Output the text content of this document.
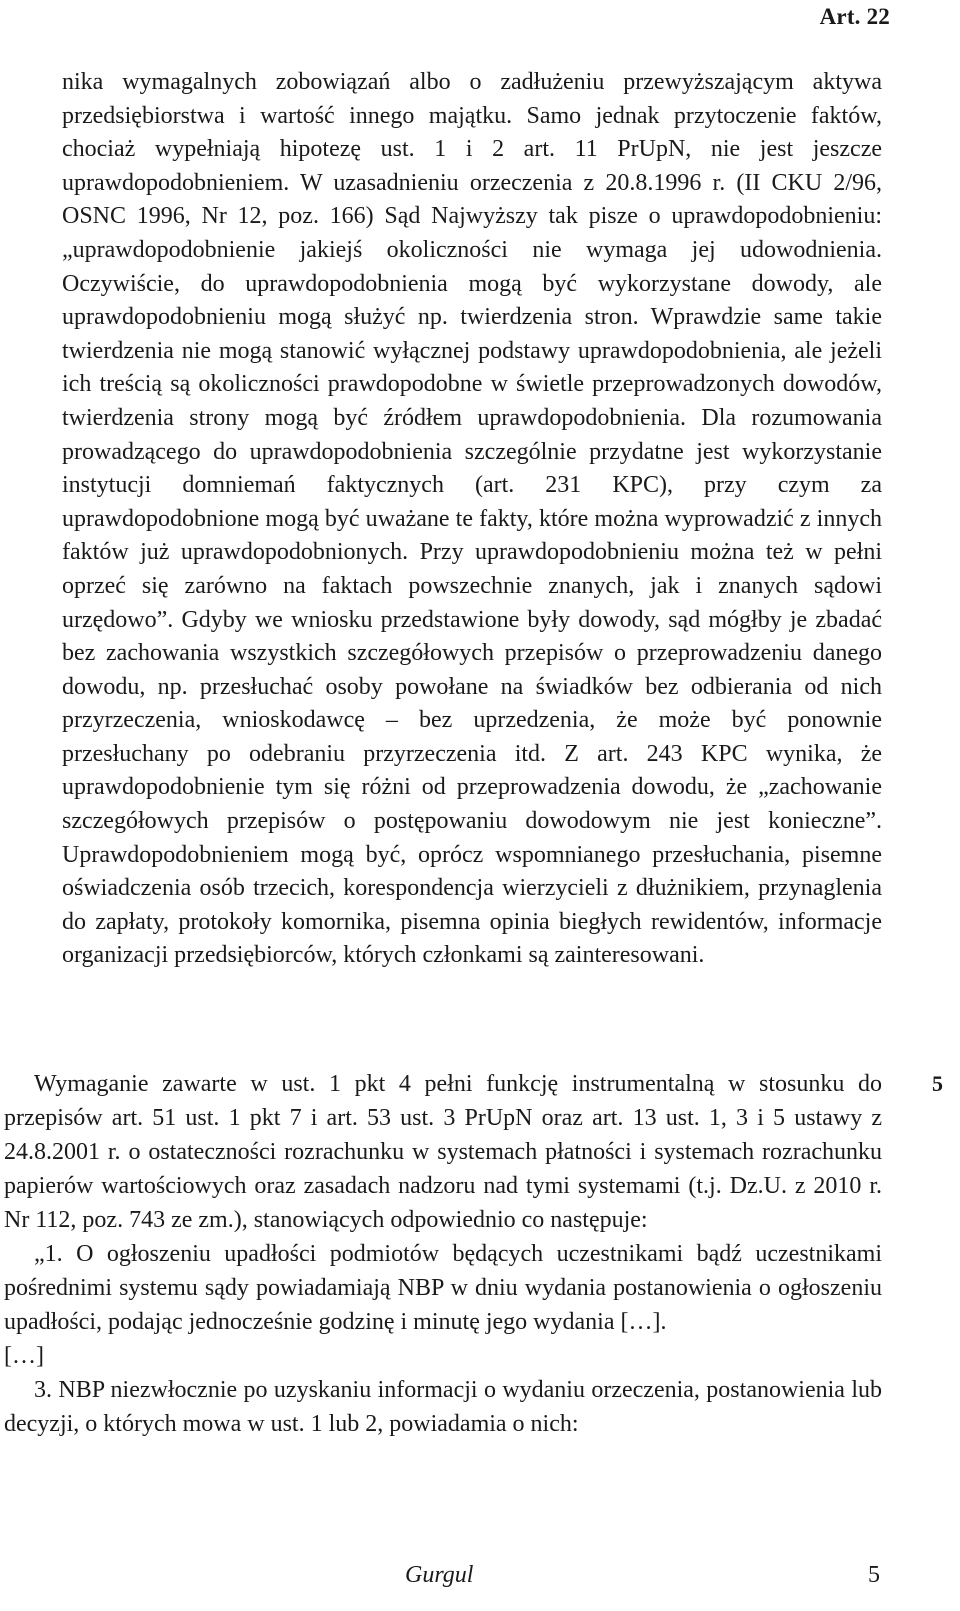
Art. 22

nika wymagalnych zobowiązań albo o zadłużeniu przewyższającym aktywa przedsiębiorstwa i wartość innego majątku. Samo jednak przytoczenie faktów, chociaż wypełniają hipotezę ust. 1 i 2 art. 11 PrUpN, nie jest jeszcze uprawdopodobnieniem. W uzasadnieniu orzeczenia z 20.8.1996 r. (II CKU 2/96, OSNC 1996, Nr 12, poz. 166) Sąd Najwyższy tak pisze o uprawdopodobnieniu: „uprawdopodobnienie jakiejś okoliczności nie wymaga jej udowodnienia. Oczywiście, do uprawdopodobnienia mogą być wykorzystane dowody, ale uprawdopodobnieniu mogą służyć np. twierdzenia stron. Wprawdzie same takie twierdzenia nie mogą stanowić wyłącznej podstawy uprawdopodobnienia, ale jeżeli ich treścią są okoliczności prawdopodobne w świetle przeprowadzonych dowodów, twierdzenia strony mogą być źródłem uprawdopodobnienia. Dla rozumowania prowadzącego do uprawdopodobnienia szczególnie przydatne jest wykorzystanie instytucji domniemań faktycznych (art. 231 KPC), przy czym za uprawdopodobnione mogą być uważane te fakty, które można wyprowadzić z innych faktów już uprawdopodobnionych. Przy uprawdopodobnieniu można też w pełni oprzeć się zarówno na faktach powszechnie znanych, jak i znanych sądowi urzędowo”. Gdyby we wniosku przedstawione były dowody, sąd mógłby je zbadać bez zachowania wszystkich szczegółowych przepisów o przeprowadzeniu danego dowodu, np. przesłuchać osoby powołane na świadków bez odbierania od nich przyrzeczenia, wnioskodawcę – bez uprzedzenia, że może być ponownie przesłuchany po odebraniu przyrzeczenia itd. Z art. 243 KPC wynika, że uprawdopodobnienie tym się różni od przeprowadzenia dowodu, że „zachowanie szczegółowych przepisów o postępowaniu dowodowym nie jest konieczne”. Uprawdopodobnieniem mogą być, oprócz wspomnianego przesłuchania, pisemne oświadczenia osób trzecich, korespondencja wierzycieli z dłużnikiem, przynaglenia do zapłaty, protokoły komornika, pisemna opinia biegłych rewidentów, informacje organizacji przedsiębiorców, których członkami są zainteresowani.

5

Wymaganie zawarte w ust. 1 pkt 4 pełni funkcję instrumentalną w stosunku do przepisów art. 51 ust. 1 pkt 7 i art. 53 ust. 3 PrUpN oraz art. 13 ust. 1, 3 i 5 ustawy z 24.8.2001 r. o ostateczności rozrachunku w systemach płatności i systemach rozrachunku papierów wartościowych oraz zasadach nadzoru nad tymi systemami (t.j. Dz.U. z 2010 r. Nr 112, poz. 743 ze zm.), stanowiących odpowiednio co następuje:

„1. O ogłoszeniu upadłości podmiotów będących uczestnikami bądź uczestnikami pośrednimi systemu sądy powiadamiają NBP w dniu wydania postanowienia o ogłoszeniu upadłości, podając jednocześnie godzinę i minutę jego wydania […].

[…]

3. NBP niezwłocznie po uzyskaniu informacji o wydaniu orzeczenia, postanowienia lub decyzji, o których mowa w ust. 1 lub 2, powiadamia o nich:

Gurgul	5
